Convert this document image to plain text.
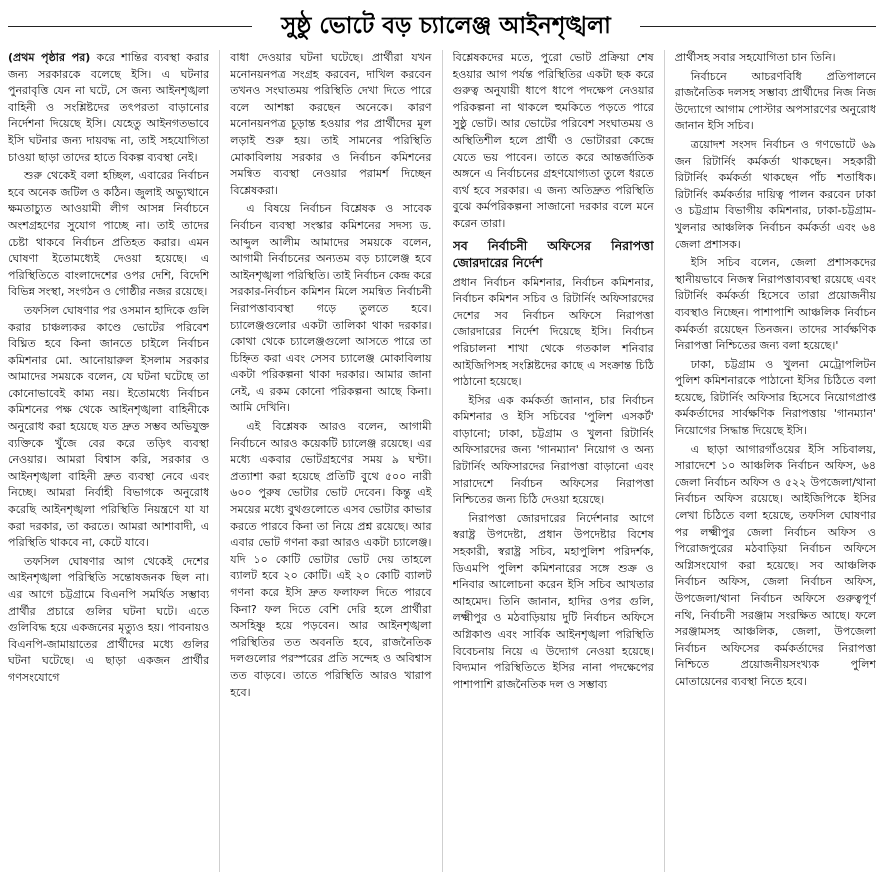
সুষ্ঠু ভোটে বড় চ্যালেঞ্জ আইনশৃঙ্খলা

(প্রথম পৃষ্ঠার পর) করে শান্তির ব্যবস্থা করার জন্য সরকারকে বলেছে ইসি। এ ঘটনার পুনরাবৃত্তি যেন না ঘটে, সে জন্য আইনশৃঙ্খলা বাহিনী ও সংশ্লিষ্টদের তৎপরতা বাড়ানোর নির্দেশনা দিয়েছে ইসি। যেহেতু আইনগতভাবে ইসি ঘটনার জন্য দায়বদ্ধ না, তাই সহযোগিতা চাওয়া ছাড়া তাদের হাতে বিকল্প ব্যবস্থা নেই।

শুরু থেকেই বলা হচ্ছিল, এবারের নির্বাচন হবে অনেক জটিল ও কঠিন। জুলাই অভ্যুত্থানে ক্ষমতাচ্যুত আওয়ামী লীগ আসন্ন নির্বাচনে অংশগ্রহণের সুযোগ পাচ্ছে না। তাই তাদের চেষ্টা থাকবে নির্বাচন প্রতিহত করার। এমন ঘোষণা ইতোমধ্যেই দেওয়া হয়েছে। এ পরিস্থিতিতে বাংলাদেশের ওপর দেশি, বিদেশি বিভিন্ন সংস্থা, সংগঠন ও গোষ্ঠীর নজর রয়েছে।

তফসিল ঘোষণার পর ওসমান হাদিকে গুলি করার চাঞ্চল্যকর কাণ্ডে ভোটের পরিবেশ বিঘ্নিত হবে কিনা জানতে চাইলে নির্বাচন কমিশনার মো. আনোয়ারুল ইসলাম সরকার আমাদের সময়কে বলেন, যে ঘটনা ঘটেছে তা কোনোভাবেই কাম্য নয়। ইতোমধ্যে নির্বাচন কমিশনের পক্ষ থেকে আইনশৃঙ্খলা বাহিনীকে অনুরোধ করা হয়েছে যত দ্রুত সম্ভব অভিযুক্ত ব্যক্তিকে খুঁজে বের করে তড়িৎ ব্যবস্থা নেওয়ার। আমরা বিশ্বাস করি, সরকার ও আইনশৃঙ্খলা বাহিনী দ্রুত ব্যবস্থা নেবে এবং নিচ্ছে। আমরা নির্বাহী বিভাগকে অনুরোধ করেছি আইনশৃঙ্খলা পরিস্থিতি নিয়ন্ত্রণে যা যা করা দরকার, তা করতে। আমরা আশাবাদী, এ পরিস্থিতি থাকবে না, কেটে যাবে।

তফসিল ঘোষণার আগ থেকেই দেশের আইনশৃঙ্খলা পরিস্থিতি সন্তোষজনক ছিল না। এর আগে চট্টগ্রামে বিএনপি সমর্থিত সম্ভাব্য প্রার্থীর প্রচারে গুলির ঘটনা ঘটে। এতে গুলিবিদ্ধ হয়ে একজনের মৃত্যুও হয়। পাবনায়ও বিএনপি-জামায়াতের প্রার্থীদের মধ্যে গুলির ঘটনা ঘটেছে। এ ছাড়া একজন প্রার্থীর গণসংযোগে

বাধা দেওয়ার ঘটনা ঘটেছে। প্রার্থীরা যখন মনোনয়নপত্র সংগ্রহ করবেন, দাখিল করবেন তখনও সংঘাতময় পরিস্থিতি দেখা দিতে পারে বলে আশঙ্কা করছেন অনেকে। কারণ মনোনয়নপত্র চূড়ান্ত হওয়ার পর প্রার্থীদের মূল লড়াই শুরু হয়। তাই সামনের পরিস্থিতি মোকাবিলায় সরকার ও নির্বাচন কমিশনের সমন্বিত ব্যবস্থা নেওয়ার পরামর্শ দিচ্ছেন বিশ্লেষকরা।

এ বিষয়ে নির্বাচন বিশ্লেষক ও সাবেক নির্বাচন ব্যবস্থা সংস্কার কমিশনের সদস্য ড. আব্দুল আলীম আমাদের সময়কে বলেন, আগামী নির্বাচনের অন্যতম বড় চ্যালেঞ্জ হবে আইনশৃঙ্খলা পরিস্থিতি। তাই নির্বাচন কেন্দ্র করে সরকার-নির্বাচন কমিশন মিলে সমন্বিত নির্বাচনী নিরাপত্তাব্যবস্থা গড়ে তুলতে হবে। চ্যালেঞ্জগুলোর একটা তালিকা থাকা দরকার। কোথা থেকে চ্যালেঞ্জগুলো আসতে পারে তা চিহ্নিত করা এবং সেসব চ্যালেঞ্জ মোকাবিলায় একটা পরিকল্পনা থাকা দরকার। আমার জানা নেই, এ রকম কোনো পরিকল্পনা আছে কিনা। আমি দেখিনি।

এই বিশ্লেষক আরও বলেন, আগামী নির্বাচনে আরও কয়েকটি চ্যালেঞ্জ রয়েছে। এর মধ্যে একবার ভোটগ্রহণের সময় ৯ ঘণ্টা। প্রত্যাশা করা হয়েছে প্রতিটি বুথে ৫০০ নারী ৬০০ পুরুষ ভোটার ভোট দেবেন। কিন্তু এই সময়ের মধ্যে বুথগুলোতে এসব ভোটার কাভার করতে পারবে কিনা তা নিয়ে প্রশ্ন রয়েছে। আর এবার ভোট গণনা করা আরও একটা চ্যালেঞ্জ। যদি ১০ কোটি ভোটার ভোট দেয় তাহলে ব্যালট হবে ২০ কোটি। এই ২০ কোটি ব্যালট গণনা করে ইসি দ্রুত ফলাফল দিতে পারবে কিনা? ফল দিতে বেশি দেরি হলে প্রার্থীরা অসহিষ্ণু হয়ে পড়বেন। আর আইনশৃঙ্খলা পরিস্থিতির তত অবনতি হবে, রাজনৈতিক দলগুলোর পরস্পরের প্রতি সন্দেহ ও অবিশ্বাস তত বাড়বে। তাতে পরিস্থিতি আরও খারাপ হবে।

বিশ্লেষকদের মতে, পুরো ভোট প্রক্রিয়া শেষ হওয়ার আগ পর্যন্ত পরিস্থিতির একটা ছক করে গুরুত্ব অনুযায়ী ধাপে ধাপে পদক্ষেপ নেওয়ার পরিকল্পনা না থাকলে হুমকিতে পড়তে পারে সুষ্ঠু ভোট। আর ভোটের পরিবেশ সংঘাতময় ও অস্থিতিশীল হলে প্রার্থী ও ভোটাররা কেন্দ্রে যেতে ভয় পাবেন। তাতে করে আন্তর্জাতিক অঙ্গনে এ নির্বাচনের গ্রহণযোগ্যতা তুলে ধরতে ব্যর্থ হবে সরকার। এ জন্য অতিদ্রুত পরিস্থিতি বুঝে কর্মপরিকল্পনা সাজানো দরকার বলে মনে করেন তারা।

সব নির্বাচনী অফিসের নিরাপত্তা জোরদারের নির্দেশ

প্রধান নির্বাচন কমিশনার, নির্বাচন কমিশনার, নির্বাচন কমিশন সচিব ও রিটার্নিং অফিসারদের দেশের সব নির্বাচন অফিসে নিরাপত্তা জোরদারের নির্দেশ দিয়েছে ইসি। নির্বাচন পরিচালনা শাখা থেকে গতকাল শনিবার আইজিপিসহ সংশ্লিষ্টদের কাছে এ সংক্রান্ত চিঠি পাঠানো হয়েছে।

ইসির এক কর্মকর্তা জানান, চার নির্বাচন কমিশনার ও ইসি সচিবের 'পুলিশ এসকর্ট' বাড়ানো; ঢাকা, চট্টগ্রাম ও খুলনা রিটার্নিং অফিসারদের জন্য 'গানম্যান' নিয়োগ ও অন্য রিটার্নিং অফিসারদের নিরাপত্তা বাড়ানো এবং সারাদেশে নির্বাচন অফিসের নিরাপত্তা নিশ্চিতের জন্য চিঠি দেওয়া হয়েছে।

নিরাপত্তা জোরদারের নির্দেশনার আগে স্বরাষ্ট্র উপদেষ্টা, প্রধান উপদেষ্টার বিশেষ সহকারী, স্বরাষ্ট্র সচিব, মহাপুলিশ পরিদর্শক, ডিএমপি পুলিশ কমিশনারের সঙ্গে শুক্র ও শনিবার আলোচনা করেন ইসি সচিব আখতার আহমেদ। তিনি জানান, হাদির ওপর গুলি, লক্ষ্মীপুর ও মঠবাড়িয়ায় দুটি নির্বাচন অফিসে অগ্নিকাণ্ড এবং সার্বিক আইনশৃঙ্খলা পরিস্থিতি বিবেচনায় নিয়ে এ উদ্যোগ নেওয়া হয়েছে। বিদ্যমান পরিস্থিতিতে ইসির নানা পদক্ষেপের পাশাপাশি রাজনৈতিক দল ও সম্ভাব্য

প্রার্থীসহ সবার সহযোগিতা চান তিনি।

নির্বাচনে আচরণবিধি প্রতিপালনে রাজনৈতিক দলসহ সম্ভাব্য প্রার্থীদের নিজ নিজ উদ্যোগে আগাম পোস্টার অপসারণের অনুরোধ জানান ইসি সচিব।

ত্রয়োদশ সংসদ নির্বাচন ও গণভোটে ৬৯ জন রিটার্নিং কর্মকর্তা থাকছেন। সহকারী রিটার্নিং কর্মকর্তা থাকছেন পাঁচ শতাধিক। রিটার্নিং কর্মকর্তার দায়িত্ব পালন করবেন ঢাকা ও চট্টগ্রাম বিভাগীয় কমিশনার, ঢাকা-চট্টগ্রাম-খুলনার আঞ্চলিক নির্বাচন কর্মকর্তা এবং ৬৪ জেলা প্রশাসক।

ইসি সচিব বলেন, জেলা প্রশাসকদের স্থানীয়ভাবে নিজস্ব নিরাপত্তাব্যবস্থা রয়েছে এবং রিটার্নিং কর্মকর্তা হিসেবে তারা প্রয়োজনীয় ব্যবস্থাও নিচ্ছেন। পাশাপাশি আঞ্চলিক নির্বাচন কর্মকর্তা রয়েছেন তিনজন। তাদের সার্বক্ষণিক নিরাপত্তা নিশ্চিতের জন্য বলা হয়েছে।'

ঢাকা, চট্টগ্রাম ও খুলনা মেট্রোপলিটন পুলিশ কমিশনারকে পাঠানো ইসির চিঠিতে বলা হয়েছে, রিটার্নিং অফিসার হিসেবে নিয়োগপ্রাপ্ত কর্মকর্তাদের সার্বক্ষণিক নিরাপত্তায় 'গানম্যান' নিয়োগের সিদ্ধান্ত দিয়েছে ইসি।

এ ছাড়া আগারগাঁওয়ের ইসি সচিবালয়, সারাদেশে ১০ আঞ্চলিক নির্বাচন অফিস, ৬৪ জেলা নির্বাচন অফিস ও ৫২২ উপজেলা/থানা নির্বাচন অফিস রয়েছে। আইজিপিকে ইসির লেখা চিঠিতে বলা হয়েছে, তফসিল ঘোষণার পর লক্ষ্মীপুর জেলা নির্বাচন অফিস ও পিরোজপুরের মঠবাড়িয়া নির্বাচন অফিসে অগ্নিসংযোগ করা হয়েছে। সব আঞ্চলিক নির্বাচন অফিস, জেলা নির্বাচন অফিস, উপজেলা/থানা নির্বাচন অফিসে গুরুত্বপূর্ণ নথি, নির্বাচনী সরঞ্জাম সংরক্ষিত আছে। ফলে সরঞ্জামসহ আঞ্চলিক, জেলা, উপজেলা নির্বাচন অফিসের কর্মকর্তাদের নিরাপত্তা নিশ্চিতে প্রয়োজনীয়সংখ্যক পুলিশ মোতায়েনের ব্যবস্থা নিতে হবে।
